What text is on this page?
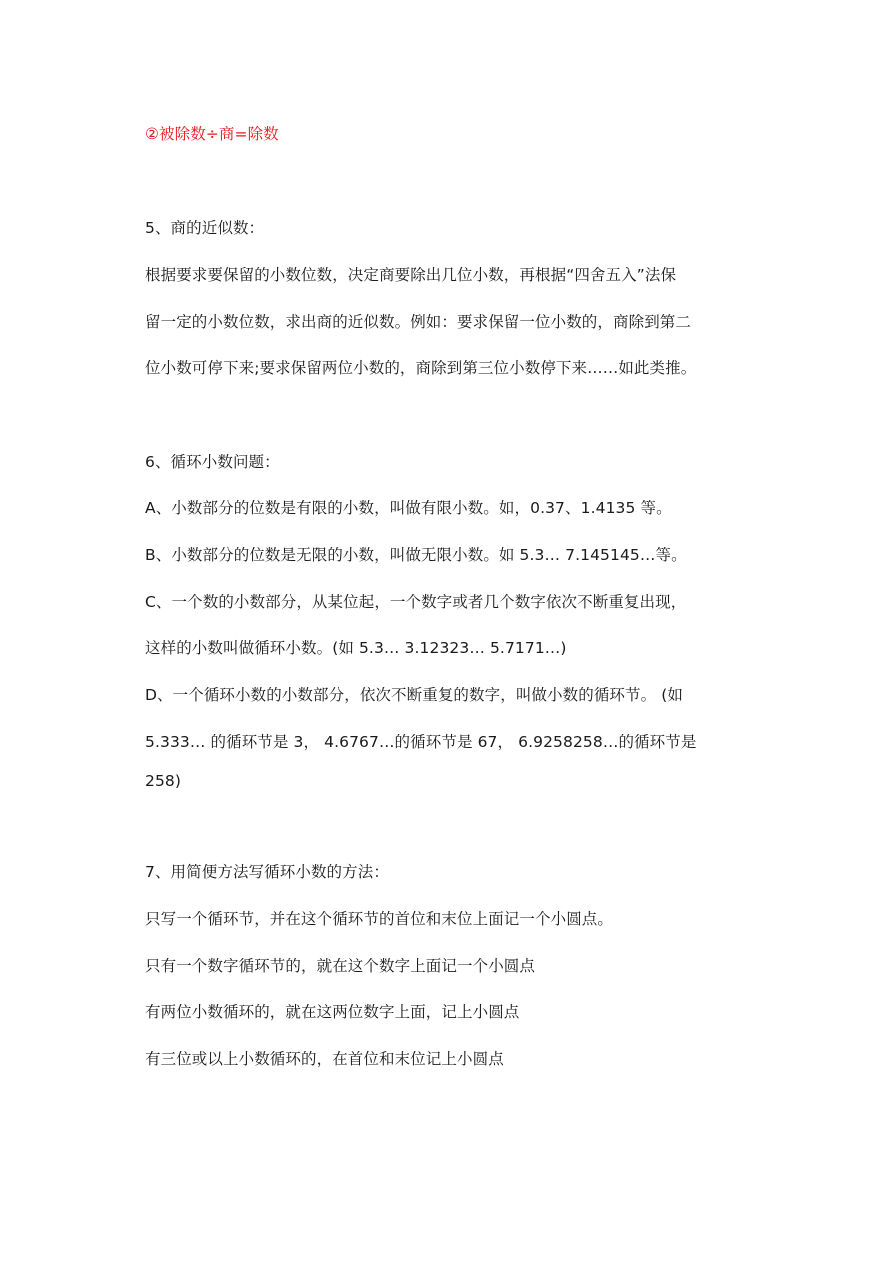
②被除数÷商=除数
5、商的近似数：
根据要求要保留的小数位数，决定商要除出几位小数，再根据“四舍五入”法保
留一定的小数位数，求出商的近似数。例如：要求保留一位小数的，商除到第二
位小数可停下来;要求保留两位小数的，商除到第三位小数停下来……如此类推。
6、循环小数问题：
A、小数部分的位数是有限的小数，叫做有限小数。如，0.37、1.4135 等。
B、小数部分的位数是无限的小数，叫做无限小数。如 5.3… 7.145145…等。
C、一个数的小数部分，从某位起，一个数字或者几个数字依次不断重复出现，
这样的小数叫做循环小数。(如 5.3… 3.12323… 5.7171…)
D、一个循环小数的小数部分，依次不断重复的数字，叫做小数的循环节。 (如
5.333… 的循环节是 3， 4.6767…的循环节是 67， 6.9258258…的循环节是
258)
7、用简便方法写循环小数的方法：
只写一个循环节，并在这个循环节的首位和末位上面记一个小圆点。
只有一个数字循环节的，就在这个数字上面记一个小圆点
有两位小数循环的，就在这两位数字上面，记上小圆点
有三位或以上小数循环的，在首位和末位记上小圆点
